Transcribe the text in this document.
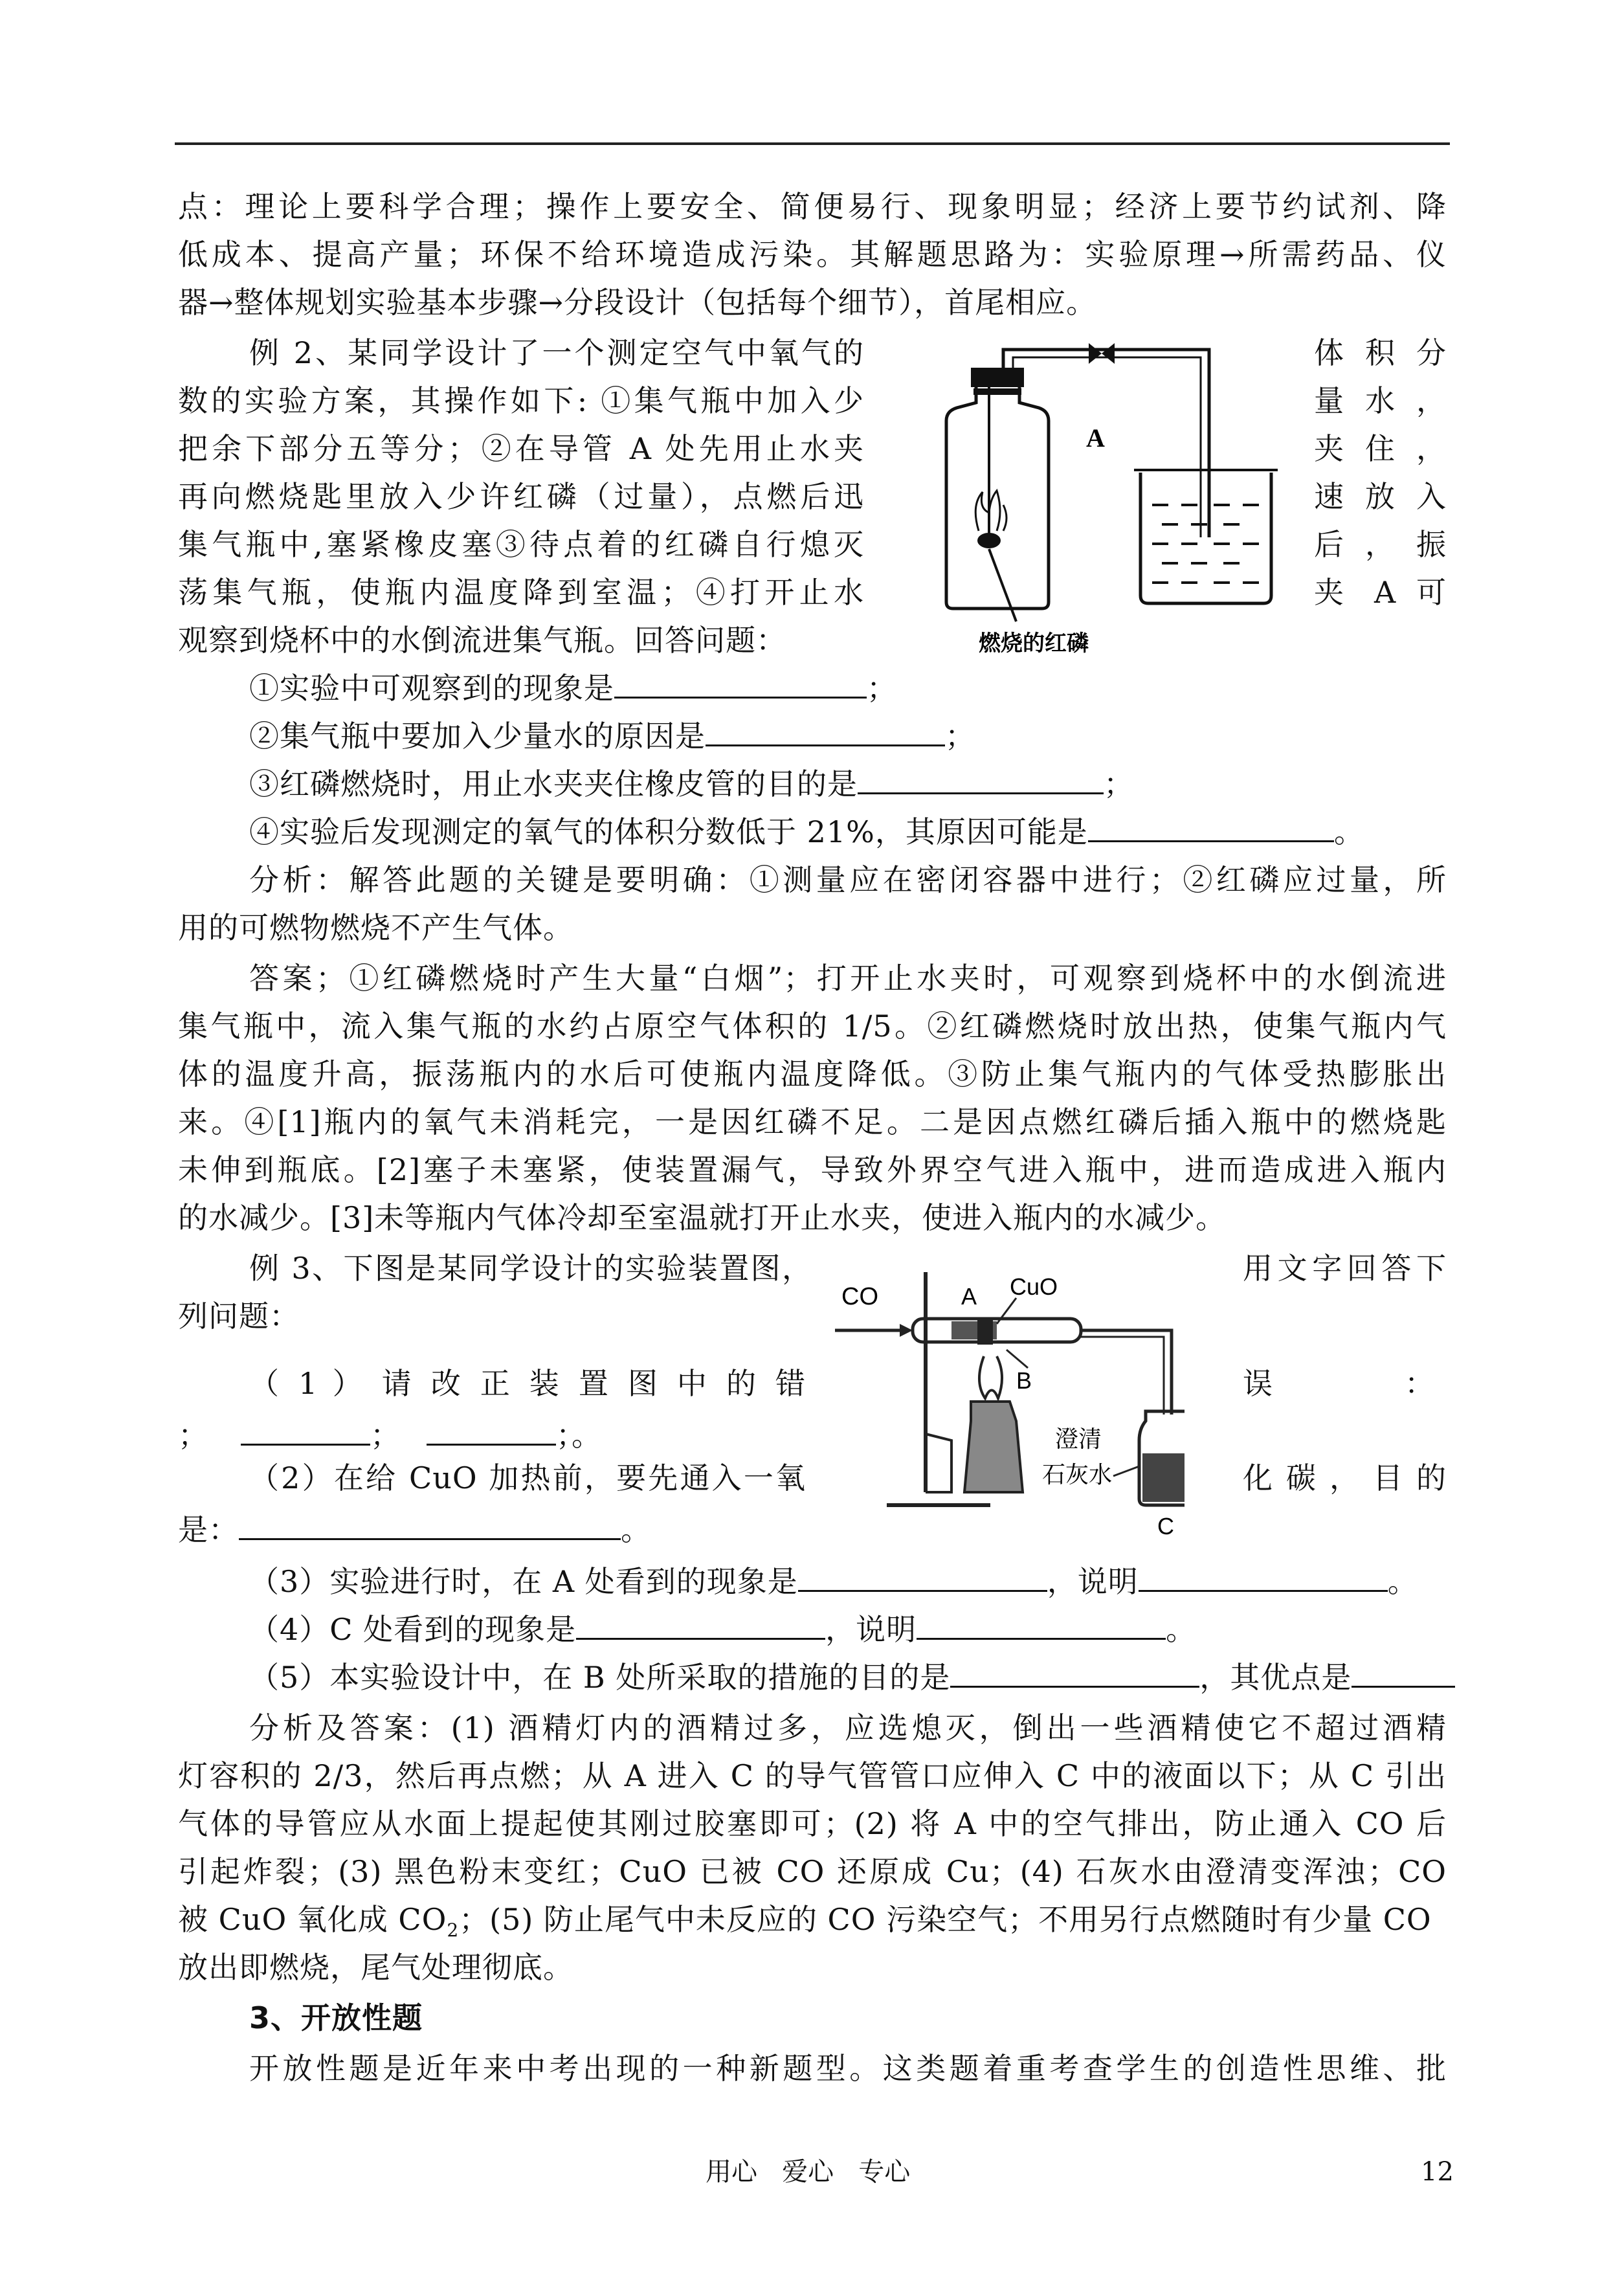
点：理论上要科学合理；操作上要安全、简便易行、现象明显；经济上要节约试剂、降
低成本、提高产量；环保不给环境造成污染。其解题思路为：实验原理→所需药品、仪
器→整体规划实验基本步骤→分段设计（包括每个细节），首尾相应。
例 2、某同学设计了一个测定空气中氧气的
数的实验方案，其操作如下: ①集气瓶中加入少
把余下部分五等分；②在导管 A 处先用止水夹
再向燃烧匙里放入少许红磷（过量），点燃后迅
集气瓶中,塞紧橡皮塞③待点着的红磷自行熄灭
荡集气瓶，使瓶内温度降到室温；④打开止水
观察到烧杯中的水倒流进集气瓶。回答问题：
体 积 分
量 水 ，
夹 住 ，
速 放 入
后 ， 振
夹 A 可
A
燃烧的红磷
①实验中可观察到的现象是	；
②集气瓶中要加入少量水的原因是	；
③红磷燃烧时，用止水夹夹住橡皮管的目的是	；
④实验后发现测定的氧气的体积分数低于 21%，其原因可能是	。
分析：解答此题的关键是要明确：①测量应在密闭容器中进行；②红磷应过量，所
用的可燃物燃烧不产生气体。
答案；①红磷燃烧时产生大量“白烟”；打开止水夹时，可观察到烧杯中的水倒流进
集气瓶中，流入集气瓶的水约占原空气体积的 1/5。②红磷燃烧时放出热，使集气瓶内气
体的温度升高，振荡瓶内的水后可使瓶内温度降低。③防止集气瓶内的气体受热膨胀出
来。④[1]瓶内的氧气未消耗完，一是因红磷不足。二是因点燃红磷后插入瓶中的燃烧匙
未伸到瓶底。[2]塞子未塞紧，使装置漏气，导致外界空气进入瓶中，进而造成进入瓶内
的水减少。[3]未等瓶内气体冷却至室温就打开止水夹，使进入瓶内的水减少。
例 3、下图是某同学设计的实验装置图，	用文字回答下
列问题：
（ 1 ） 请 改 正 装 置 图 中 的 错	误	：
；	；	；。
（2）在给 CuO 加热前，要先通入一氧	化 碳 ， 目 的
是：	。
CO	A CuO
B
澄清
石灰水
C
（3）实验进行时，在 A 处看到的现象是	，说明	。
（4）C 处看到的现象是	，说明	。
（5）本实验设计中，在 B 处所采取的措施的目的是	，其优点是
分析及答案：(1) 酒精灯内的酒精过多，应选熄灭，倒出一些酒精使它不超过酒精
灯容积的 2/3，然后再点燃；从 A 进入 C 的导气管管口应伸入 C 中的液面以下；从 C 引出
气体的导管应从水面上提起使其刚过胶塞即可；(2) 将 A 中的空气排出，防止通入 CO 后
引起炸裂；(3) 黑色粉末变红；CuO 已被 CO 还原成 Cu；(4) 石灰水由澄清变浑浊；CO
被 CuO 氧化成 $CO_2$；(5) 防止尾气中未反应的 CO 污染空气；不用另行点燃随时有少量 CO
放出即燃烧，尾气处理彻底。
3、开放性题
开放性题是近年来中考出现的一种新题型。这类题着重考查学生的创造性思维、批
用心   爱心   专心	12
